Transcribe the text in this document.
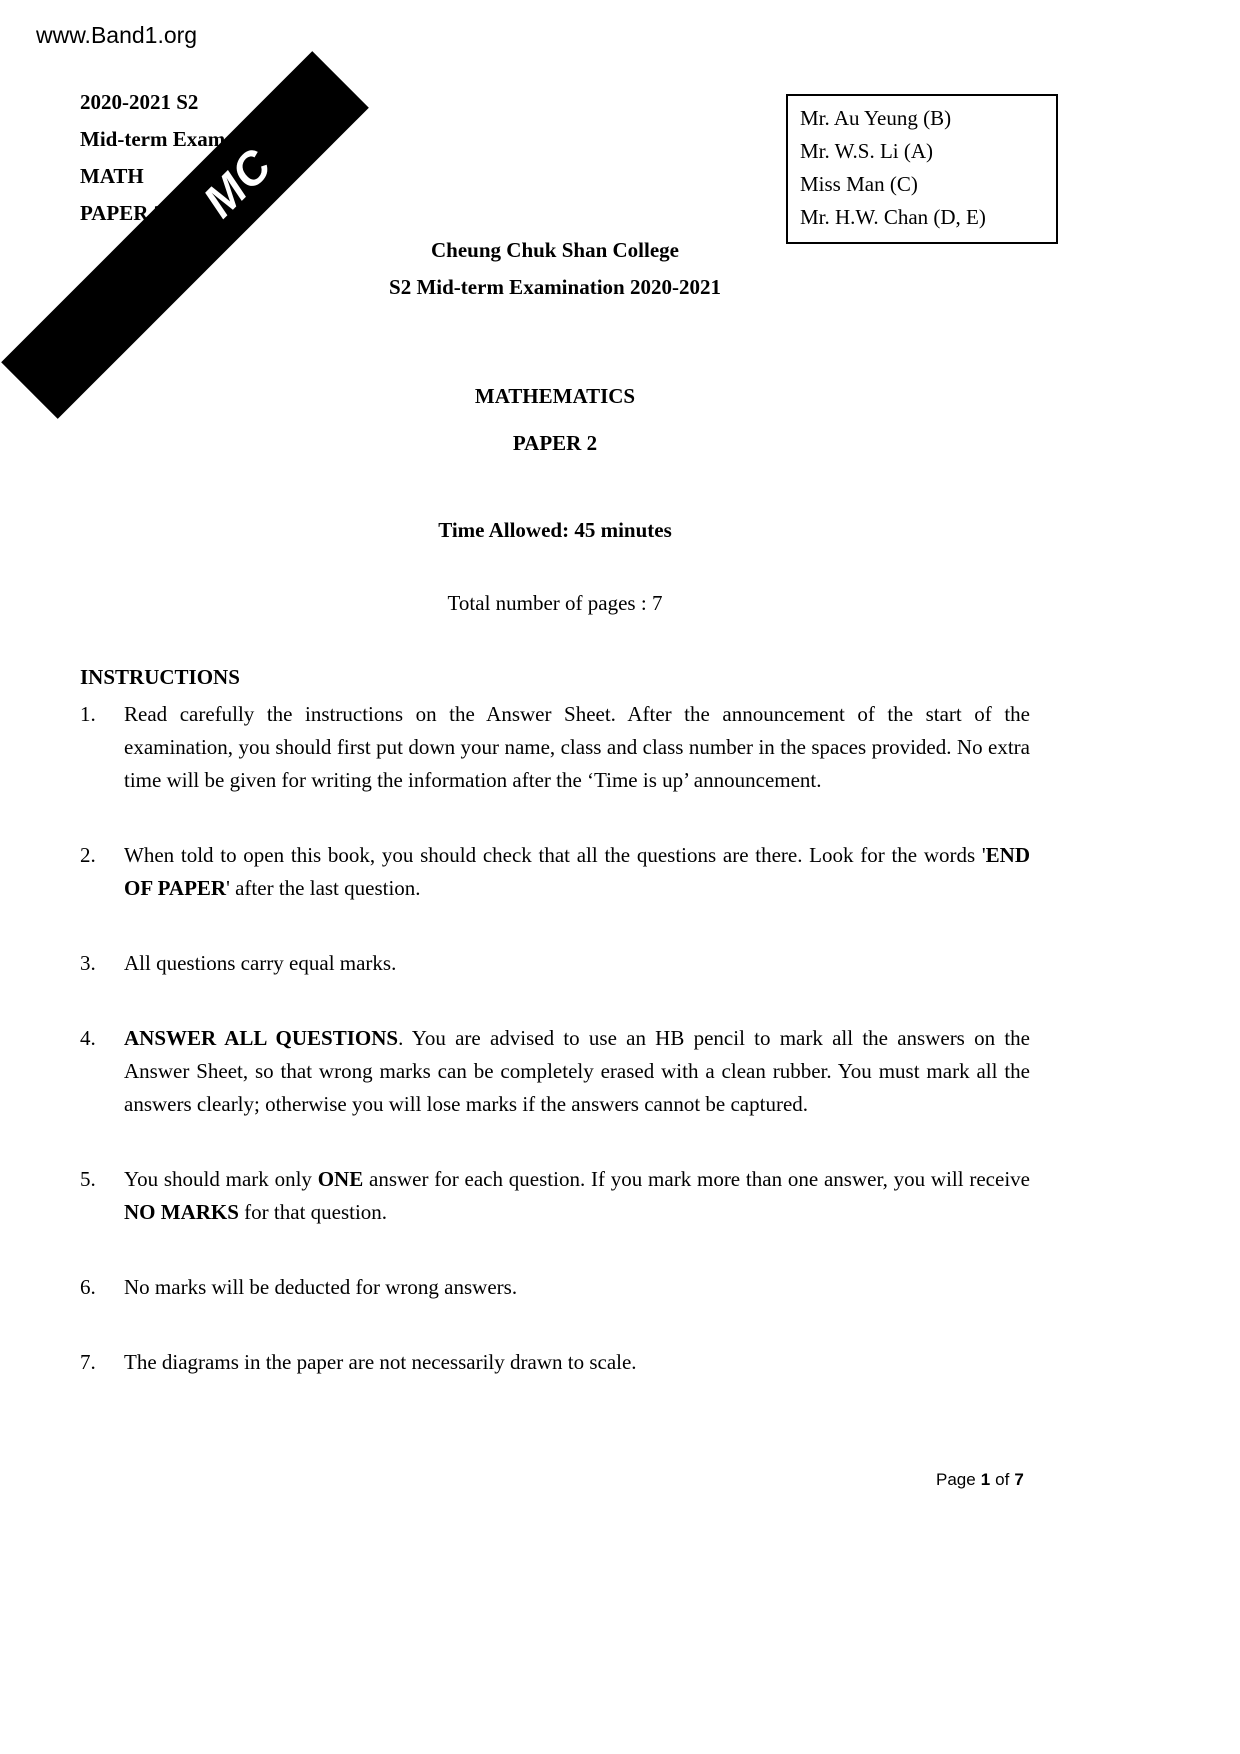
www.Band1.org
MC
2020-2021 S2
Mid-term Exam
MATH
PAPER 2
Mr. Au Yeung (B)
Mr. W.S. Li (A)
Miss Man (C)
Mr. H.W. Chan (D, E)
Cheung Chuk Shan College
S2 Mid-term Examination 2020-2021
MATHEMATICS
PAPER 2
Time Allowed: 45 minutes
Total number of pages : 7
INSTRUCTIONS
1.	Read carefully the instructions on the Answer Sheet. After the announcement of the start of the examination, you should first put down your name, class and class number in the spaces provided. No extra time will be given for writing the information after the ‘Time is up’ announcement.
2.	When told to open this book, you should check that all the questions are there. Look for the words 'END OF PAPER' after the last question.
3.	All questions carry equal marks.
4.	ANSWER ALL QUESTIONS. You are advised to use an HB pencil to mark all the answers on the Answer Sheet, so that wrong marks can be completely erased with a clean rubber. You must mark all the answers clearly; otherwise you will lose marks if the answers cannot be captured.
5.	You should mark only ONE answer for each question. If you mark more than one answer, you will receive NO MARKS for that question.
6.	No marks will be deducted for wrong answers.
7.	The diagrams in the paper are not necessarily drawn to scale.
Page 1 of 7
